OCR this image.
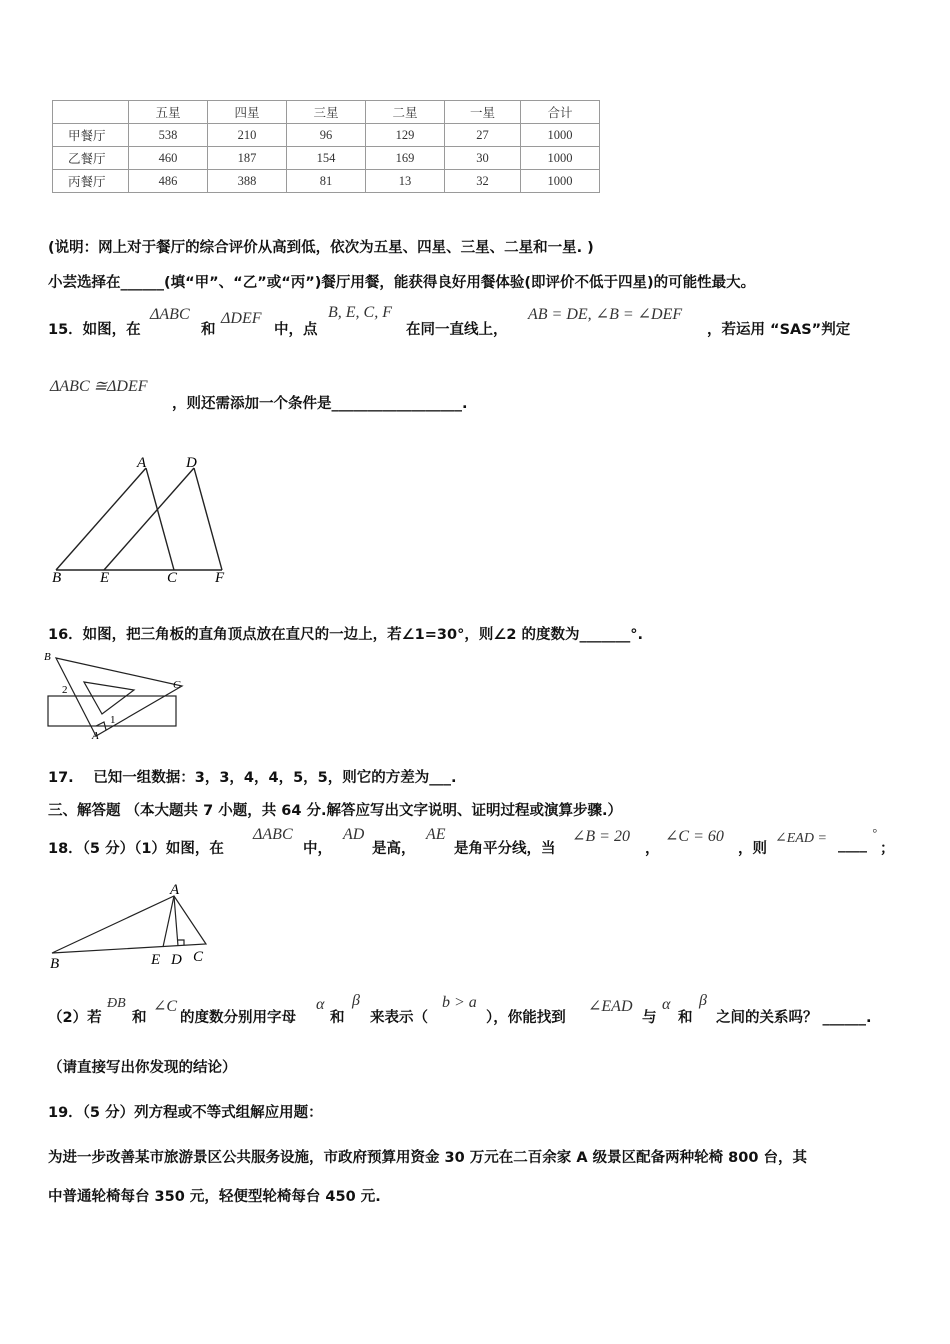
	五星	四星	三星	二星	一星	合计
甲餐厅	538	210	96	129	27	1000
乙餐厅	460	187	154	169	30	1000
丙餐厅	486	388	81	13	32	1000
(说明：网上对于餐厅的综合评价从高到低，依次为五星、四星、三星、二星和一星. )
小芸选择在______(填“甲”、“乙”或“丙”)餐厅用餐，能获得良好用餐体验(即评价不低于四星)的可能性最大。
15．如图，在
ΔABC
和
ΔDEF
中，点
B, E, C, F
在同一直线上，
AB = DE, ∠B = ∠DEF
，若运用 “SAS”判定
ΔABC ≅ΔDEF
，则还需添加一个条件是__________________.
A	D
B	E	C	F
16．如图，把三角板的直角顶点放在直尺的一边上，若∠1=30°，则∠2 的度数为_______°.
B
C
A
1
2
17.　 已知一组数据：3，3，4，4，5，5，则它的方差为___.
三、解答题 （本大题共 7 小题，共 64 分.解答应写出文字说明、证明过程或演算步骤.）
18．（5 分）（1）如图，在
ΔABC
中，
AD
是高，
AE
是角平分线，当
∠B = 20
，
∠C = 60
，则
∠EAD = ____
°
；
A
B	E D C
（2）若
ÐB
和
∠C
的度数分别用字母
α
和
β
来表示（
b > a
），你能找到
∠EAD
与
α
和
β
之间的关系吗？ ______.
（请直接写出你发现的结论）
19．（5 分）列方程或不等式组解应用题：
为进一步改善某市旅游景区公共服务设施，市政府预算用资金 30 万元在二百余家 A 级景区配备两种轮椅 800 台，其
中普通轮椅每台 350 元，轻便型轮椅每台 450 元.
